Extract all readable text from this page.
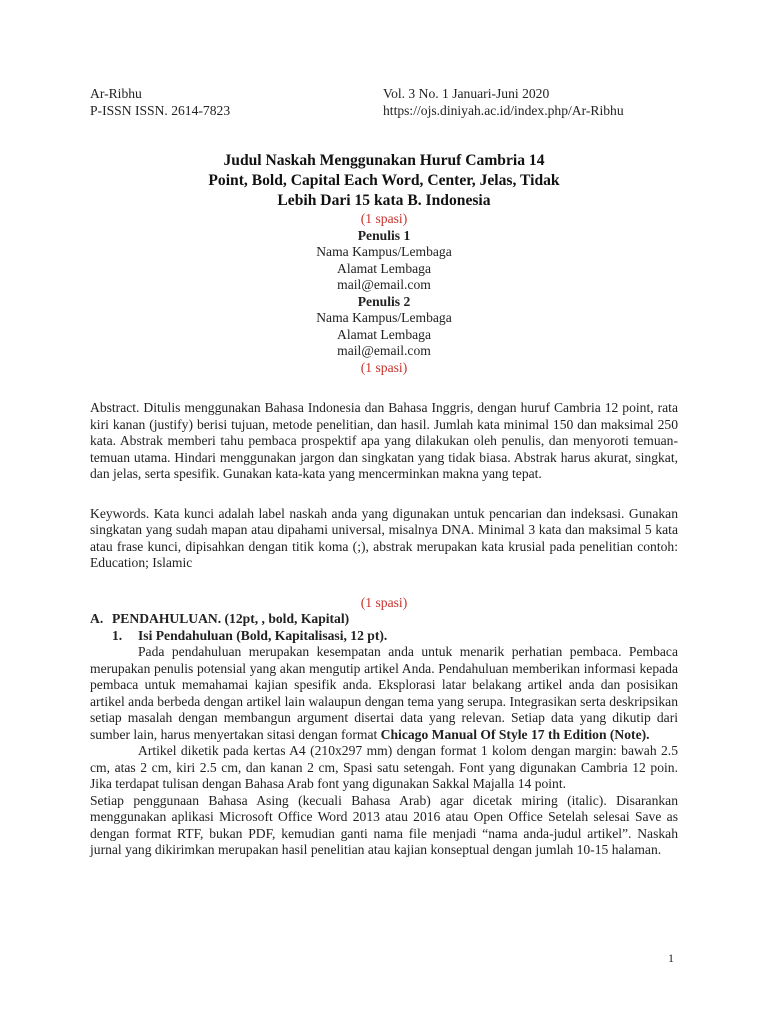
Ar-Ribhu
P-ISSN ISSN. 2614-7823
Vol. 3 No. 1 Januari-Juni 2020
https://ojs.diniyah.ac.id/index.php/Ar-Ribhu
Judul Naskah Menggunakan Huruf Cambria 14
Point, Bold, Capital Each Word, Center, Jelas, Tidak
Lebih Dari 15 kata B. Indonesia
(1 spasi)
Penulis 1
Nama Kampus/Lembaga
Alamat Lembaga
mail@email.com
Penulis 2
Nama Kampus/Lembaga
Alamat Lembaga
mail@email.com
(1 spasi)
Abstract. Ditulis menggunakan Bahasa Indonesia dan Bahasa Inggris, dengan huruf Cambria 12 point, rata kiri kanan (justify) berisi tujuan, metode penelitian, dan hasil. Jumlah kata minimal 150 dan maksimal 250 kata. Abstrak memberi tahu pembaca prospektif apa yang dilakukan oleh penulis, dan menyoroti temuan-temuan utama. Hindari menggunakan jargon dan singkatan yang tidak biasa. Abstrak harus akurat, singkat, dan jelas, serta spesifik. Gunakan kata-kata yang mencerminkan makna yang tepat.
Keywords. Kata kunci adalah label naskah anda yang digunakan untuk pencarian dan indeksasi. Gunakan singkatan yang sudah mapan atau dipahami universal, misalnya DNA. Minimal 3 kata dan maksimal 5 kata atau frase kunci, dipisahkan dengan titik koma (;), abstrak merupakan kata krusial pada penelitian contoh: Education; Islamic
(1 spasi)
A. PENDAHULUAN. (12pt, , bold, Kapital)
1.	Isi Pendahuluan (Bold, Kapitalisasi, 12 pt).
Pada pendahuluan merupakan kesempatan anda untuk menarik perhatian pembaca. Pembaca merupakan penulis potensial yang akan mengutip artikel Anda. Pendahuluan memberikan informasi kepada pembaca untuk memahamai kajian spesifik anda. Eksplorasi latar belakang artikel anda dan posisikan artikel anda berbeda dengan artikel lain walaupun dengan tema yang serupa. Integrasikan serta deskripsikan setiap masalah dengan membangun argument disertai data yang relevan. Setiap data yang dikutip dari sumber lain, harus menyertakan sitasi dengan format Chicago Manual Of Style 17 th Edition (Note).
Artikel diketik pada kertas A4 (210x297 mm) dengan format 1 kolom dengan margin: bawah 2.5 cm, atas 2 cm, kiri 2.5 cm, dan kanan 2 cm, Spasi satu setengah. Font yang digunakan Cambria 12 poin. Jika terdapat tulisan dengan Bahasa Arab font yang digunakan Sakkal Majalla 14 point.
Setiap penggunaan Bahasa Asing (kecuali Bahasa Arab) agar dicetak miring (italic). Disarankan menggunakan aplikasi Microsoft Office Word 2013 atau 2016 atau Open Office Setelah selesai Save as dengan format RTF, bukan PDF, kemudian ganti nama file menjadi “nama anda-judul artikel”. Naskah jurnal yang dikirimkan merupakan hasil penelitian atau kajian konseptual dengan jumlah 10-15 halaman.
1
